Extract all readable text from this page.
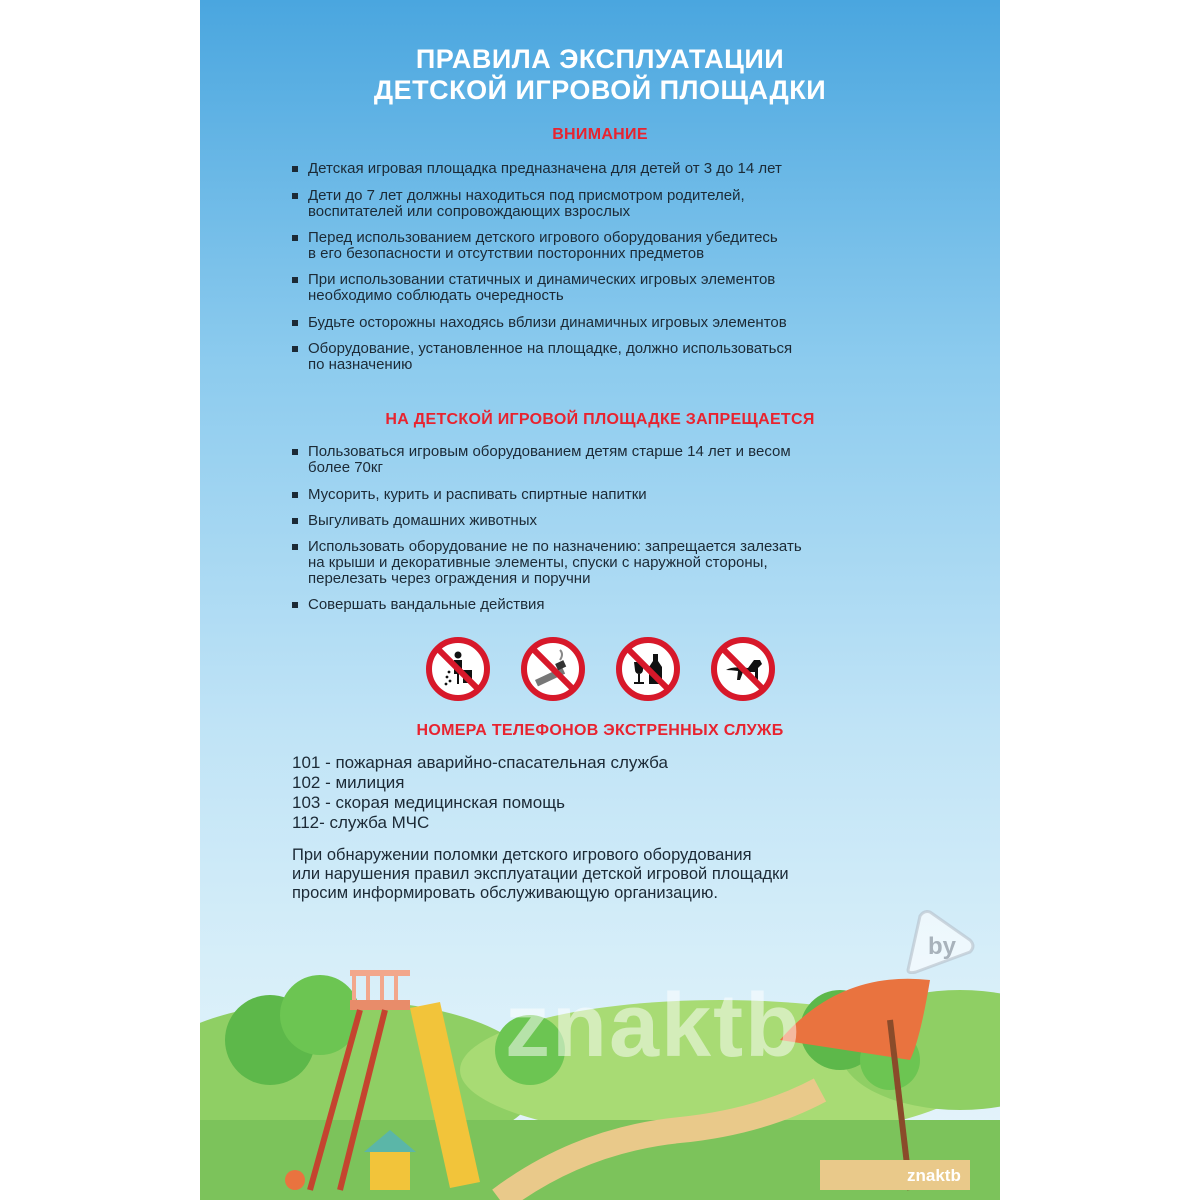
ПРАВИЛА ЭКСПЛУАТАЦИИ
ДЕТСКОЙ ИГРОВОЙ ПЛОЩАДКИ
ВНИМАНИЕ
Детская игровая площадка предназначена для детей от 3 до 14 лет
Дети до 7 лет должны находиться под присмотром родителей,
воспитателей или сопровождающих взрослых
Перед использованием детского игрового оборудования убедитесь
в его безопасности и отсутствии посторонних предметов
При использовании статичных и динамических игровых элементов
необходимо соблюдать очередность
Будьте осторожны находясь вблизи динамичных игровых элементов
Оборудование, установленное на площадке, должно использоваться
по назначению
НА ДЕТСКОЙ ИГРОВОЙ ПЛОЩАДКЕ ЗАПРЕЩАЕТСЯ
Пользоваться игровым оборудованием детям старше 14 лет и весом
более 70кг
Мусорить, курить и распивать спиртные напитки
Выгуливать домашних животных
Использовать оборудование не по назначению: запрещается залезать
на крыши и декоративные элементы, спуски с наружной стороны,
перелезать через ограждения и поручни
Совершать вандальные действия
НОМЕРА ТЕЛЕФОНОВ ЭКСТРЕННЫХ СЛУЖБ
101 - пожарная аварийно-спасательная служба
102 - милиция
103 - скорая медицинская помощь
112- служба МЧС
При обнаружении поломки детского игрового оборудования
или нарушения правил эксплуатации детской игровой площадки
просим информировать обслуживающую организацию.
znaktb
by
znaktb
